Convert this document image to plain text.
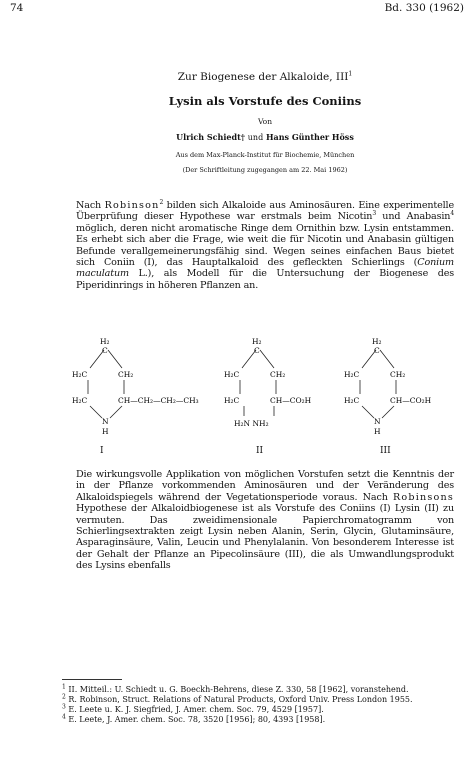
74	Bd. 330 (1962)
Zur Biogenese der Alkaloide, III$^1$
Lysin als Vorstufe des Coniins
Von
Ulrich Schiedt† und Hans Günther Höss
Aus dem Max-Planck-Institut für Biochemie, München
(Der Schriftleitung zugegangen am 22. Mai 1962)
Nach Robinson$^2$ bilden sich Alkaloide aus Aminosäuren. Eine experimentelle Überprüfung dieser Hypothese war erstmals beim Nicotin$^3$ und Anabasin$^4$ möglich, deren nicht aromatische Ringe dem Ornithin bzw. Lysin entstammen. Es erhebt sich aber die Frage, wie weit die für Nicotin und Anabasin gültigen Befunde verallgemeinerungsfähig sind. Wegen seines einfachen Baus bietet sich Coniin (I), das Hauptalkaloid des gefleckten Schierlings (Conium maculatum L.), als Modell für die Untersuchung der Biogenese des Piperidinrings in höheren Pflanzen an.
H₂
C
H₂C	CH₂
H₂C	CH—CH₂—CH₂—CH₃
N
H
I
H₂
C
H₂C	CH₂
H₂C	CH—CO₂H
H₂N NH₂
II
H₂
C
H₂C	CH₂
H₂C	CH—CO₂H
N
H
III
Die wirkungsvolle Applikation von möglichen Vorstufen setzt die Kenntnis der in der Pflanze vorkommenden Aminosäuren und der Veränderung des Alkaloidspiegels während der Vegetationsperiode voraus. Nach Robinsons Hypothese der Alkaloidbiogenese ist als Vorstufe des Coniins (I) Lysin (II) zu vermuten. Das zweidimensionale Papierchromatogramm von Schierlingsextrakten zeigt Lysin neben Alanin, Serin, Glycin, Glutaminsäure, Asparaginsäure, Valin, Leucin und Phenylalanin. Von besonderem Interesse ist der Gehalt der Pflanze an Pipecolinsäure (III), die als Umwandlungsprodukt des Lysins ebenfalls
$^1$ II. Mitteil.: U. Schiedt u. G. Boeckh-Behrens, diese Z. 330, 58 [1962], voranstehend.
$^2$ R. Robinson, Struct. Relations of Natural Products, Oxford Univ. Press London 1955.
$^3$ E. Leete u. K. J. Siegfried, J. Amer. chem. Soc. 79, 4529 [1957].
$^4$ E. Leete, J. Amer. chem. Soc. 78, 3520 [1956]; 80, 4393 [1958].
